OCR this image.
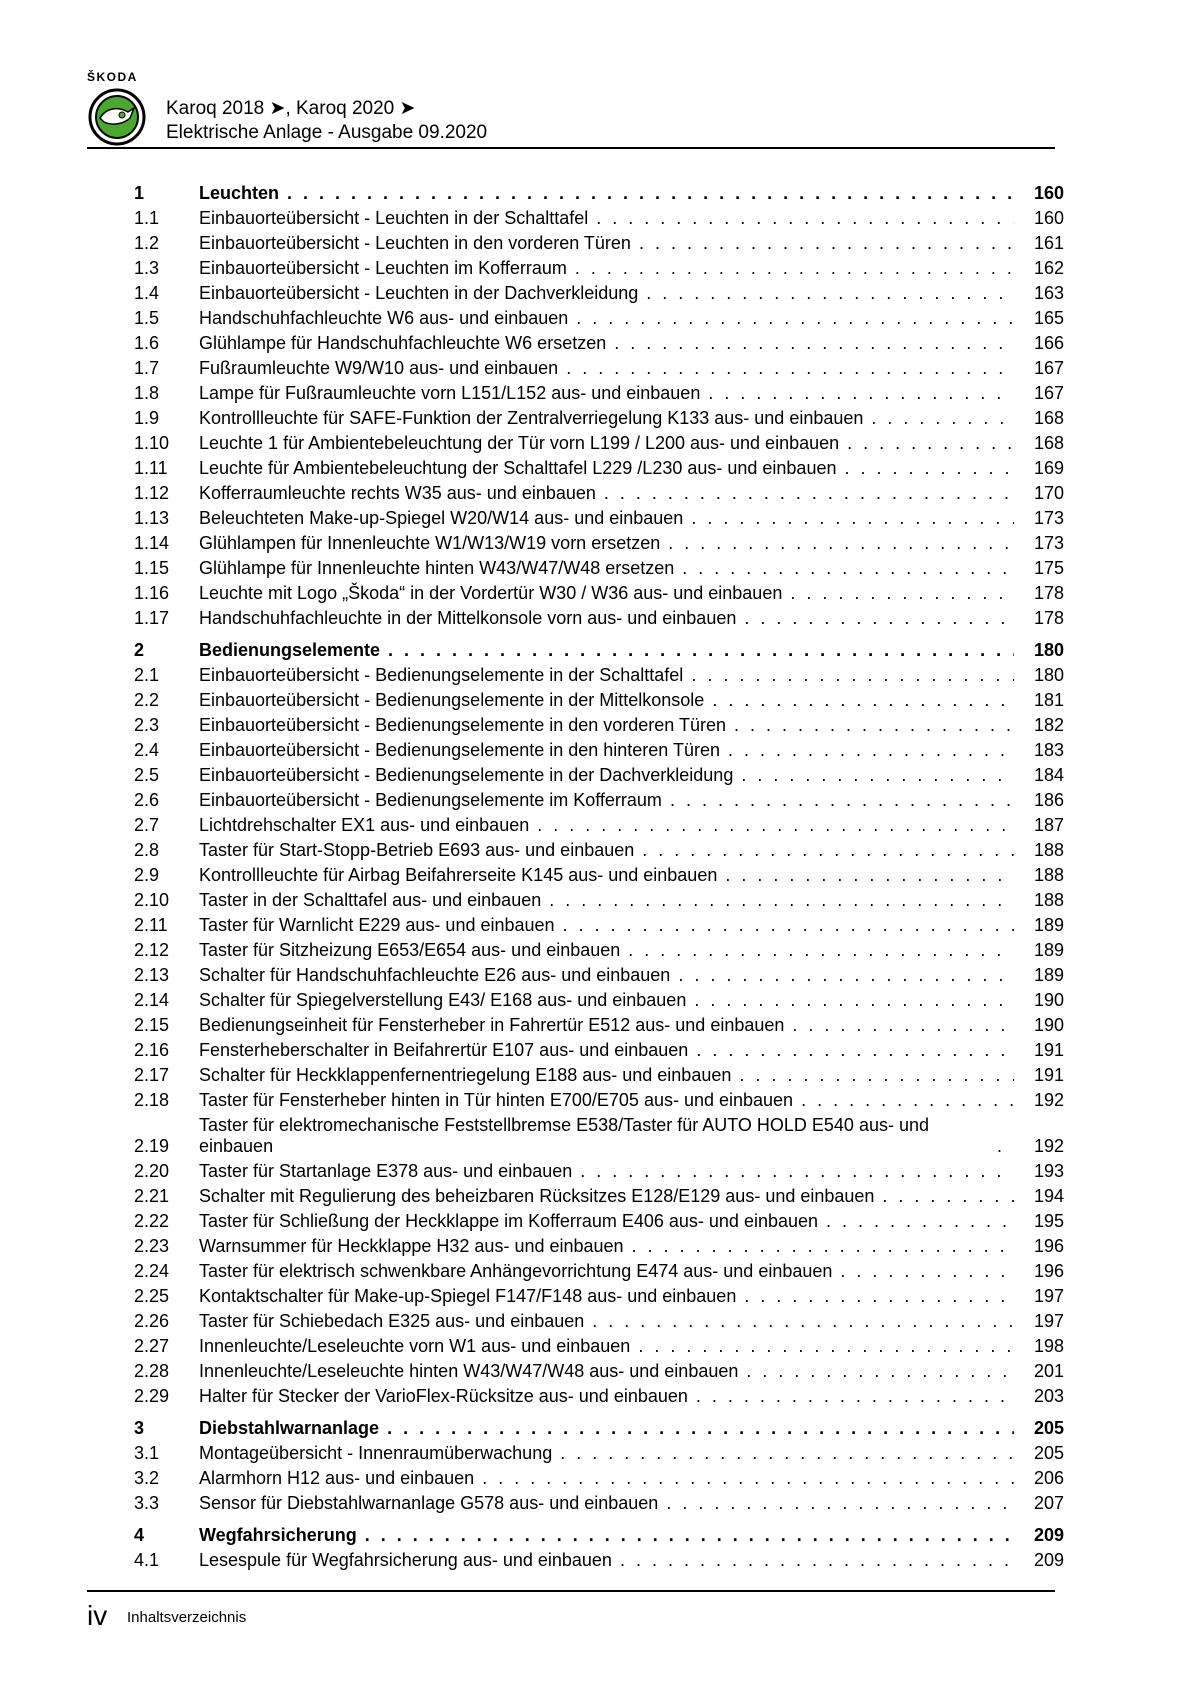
ŠKODA
Karoq 2018 ➤, Karoq 2020 ➤
Elektrische Anlage - Ausgabe 09.2020
1	Leuchten . . .	160
1.1	Einbauorteübersicht - Leuchten in der Schalttafel . . .	160
1.2	Einbauorteübersicht - Leuchten in den vorderen Türen . . .	161
1.3	Einbauorteübersicht - Leuchten im Kofferraum . . .	162
1.4	Einbauorteübersicht - Leuchten in der Dachverkleidung . . .	163
1.5	Handschuhfachleuchte W6 aus- und einbauen . . .	165
1.6	Glühlampe für Handschuhfachleuchte W6 ersetzen . . .	166
1.7	Fußraumleuchte W9/W10 aus- und einbauen . . .	167
1.8	Lampe für Fußraumleuchte vorn L151/L152 aus- und einbauen . . .	167
1.9	Kontrollleuchte für SAFE-Funktion der Zentralverriegelung K133 aus- und einbauen . . .	168
1.10	Leuchte 1 für Ambientebeleuchtung der Tür vorn L199 / L200 aus- und einbauen . . .	168
1.11	Leuchte für Ambientebeleuchtung der Schalttafel L229 /L230 aus- und einbauen . . .	169
1.12	Kofferraumleuchte rechts W35 aus- und einbauen . . .	170
1.13	Beleuchteten Make-up-Spiegel W20/W14 aus- und einbauen . . .	173
1.14	Glühlampen für Innenleuchte W1/W13/W19 vorn ersetzen . . .	173
1.15	Glühlampe für Innenleuchte hinten W43/W47/W48 ersetzen . . .	175
1.16	Leuchte mit Logo „Škoda“ in der Vordertür W30 / W36 aus- und einbauen . . .	178
1.17	Handschuhfachleuchte in der Mittelkonsole vorn aus- und einbauen . . .	178
2	Bedienungselemente . . .	180
2.1	Einbauorteübersicht - Bedienungselemente in der Schalttafel . . .	180
2.2	Einbauorteübersicht - Bedienungselemente in der Mittelkonsole . . .	181
2.3	Einbauorteübersicht - Bedienungselemente in den vorderen Türen . . .	182
2.4	Einbauorteübersicht - Bedienungselemente in den hinteren Türen . . .	183
2.5	Einbauorteübersicht - Bedienungselemente in der Dachverkleidung . . .	184
2.6	Einbauorteübersicht - Bedienungselemente im Kofferraum . . .	186
2.7	Lichtdrehschalter EX1 aus- und einbauen . . .	187
2.8	Taster für Start-Stopp-Betrieb E693 aus- und einbauen . . .	188
2.9	Kontrollleuchte für Airbag Beifahrerseite K145 aus- und einbauen . . .	188
2.10	Taster in der Schalttafel aus- und einbauen . . .	188
2.11	Taster für Warnlicht E229 aus- und einbauen . . .	189
2.12	Taster für Sitzheizung E653/E654 aus- und einbauen . . .	189
2.13	Schalter für Handschuhfachleuchte E26 aus- und einbauen . . .	189
2.14	Schalter für Spiegelverstellung E43/ E168 aus- und einbauen . . .	190
2.15	Bedienungseinheit für Fensterheber in Fahrertür E512 aus- und einbauen . . .	190
2.16	Fensterheberschalter in Beifahrertür E107 aus- und einbauen . . .	191
2.17	Schalter für Heckklappenfernentriegelung E188 aus- und einbauen . . .	191
2.18	Taster für Fensterheber hinten in Tür hinten E700/E705 aus- und einbauen . . .	192
2.19
Taster für elektromechanische Feststellbremse E538/Taster für AUTO HOLD E540 aus- und einbauen . . .	192
2.20	Taster für Startanlage E378 aus- und einbauen . . .	193
2.21	Schalter mit Regulierung des beheizbaren Rücksitzes E128/E129 aus- und einbauen . . .	194
2.22	Taster für Schließung der Heckklappe im Kofferraum E406 aus- und einbauen . . .	195
2.23	Warnsummer für Heckklappe H32 aus- und einbauen . . .	196
2.24	Taster für elektrisch schwenkbare Anhängevorrichtung E474 aus- und einbauen . . .	196
2.25	Kontaktschalter für Make-up-Spiegel F147/F148 aus- und einbauen . . .	197
2.26	Taster für Schiebedach E325 aus- und einbauen . . .	197
2.27	Innenleuchte/Leseleuchte vorn W1 aus- und einbauen . . .	198
2.28	Innenleuchte/Leseleuchte hinten W43/W47/W48 aus- und einbauen . . .	201
2.29	Halter für Stecker der VarioFlex-Rücksitze aus- und einbauen . . .	203
3	Diebstahlwarnanlage . . .	205
3.1	Montageübersicht - Innenraumüberwachung . . .	205
3.2	Alarmhorn H12 aus- und einbauen . . .	206
3.3	Sensor für Diebstahlwarnanlage G578 aus- und einbauen . . .	207
4	Wegfahrsicherung . . .	209
4.1	Lesespule für Wegfahrsicherung aus- und einbauen . . .	209
iv Inhaltsverzeichnis
